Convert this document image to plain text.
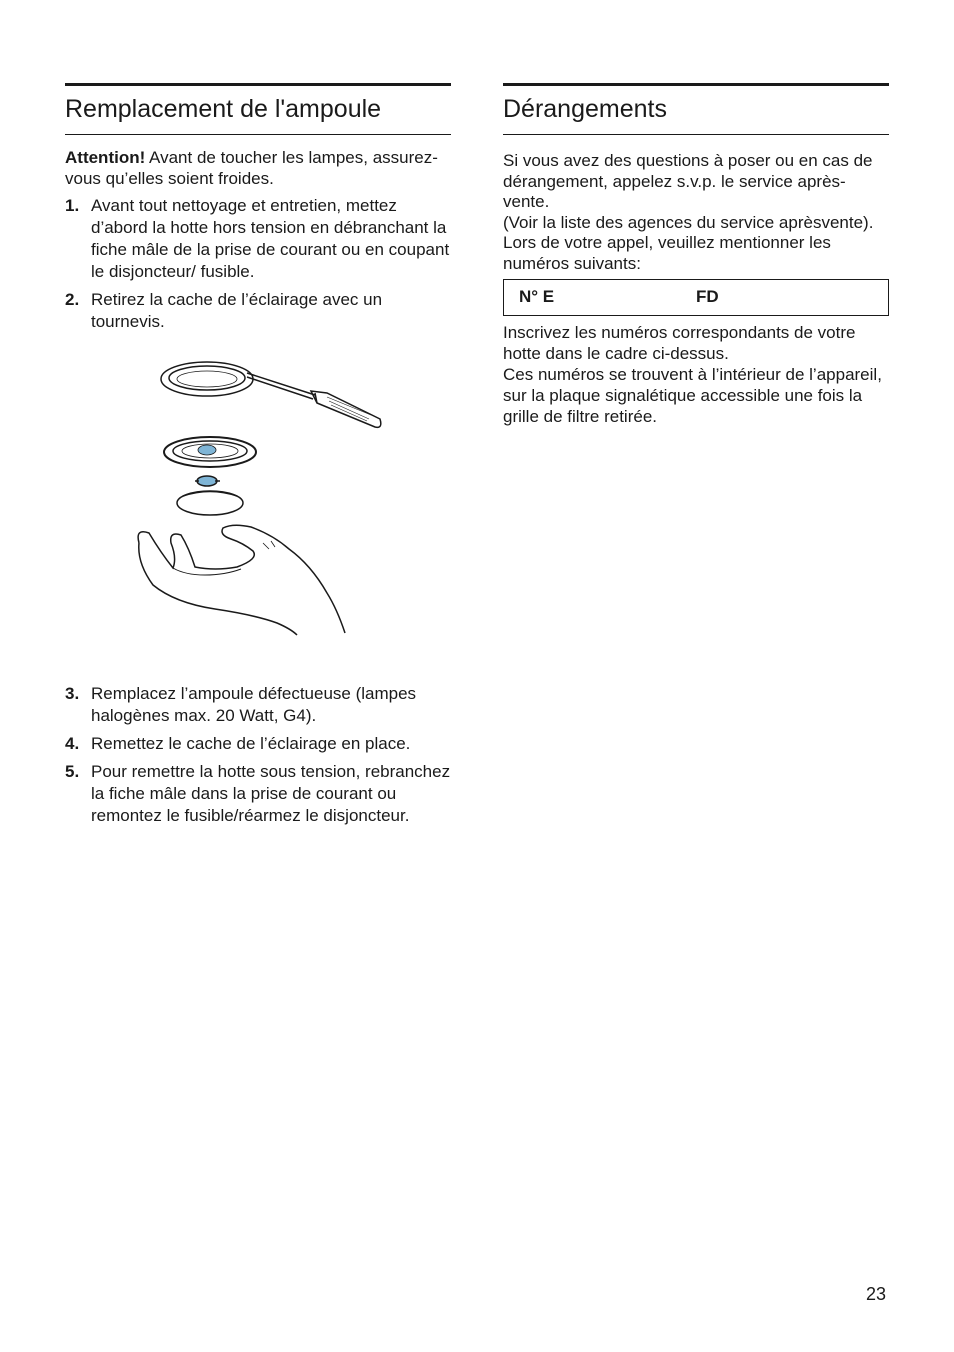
Remplacement de l'ampoule

Attention! Avant de toucher les lampes, assurez-vous qu’elles soient froides.

1. Avant tout nettoyage et entretien, mettez d’abord la hotte hors tension en débranchant la fiche mâle de la prise de courant ou en coupant le disjoncteur/ fusible.
2. Retirez la cache de l’éclairage avec un tournevis.
3. Remplacez l’ampoule défectueuse (lampes halogènes max. 20 Watt, G4).
4. Remettez le cache de l’éclairage en place.
5. Pour remettre la hotte sous tension, rebranchez la fiche mâle dans la prise de courant ou remontez le fusible/réarmez le disjoncteur.
Dérangements

Si vous avez des questions à poser ou en cas de dérangement, appelez s.v.p. le service après-vente.

(Voir la liste des agences du service aprèsvente).

Lors de votre appel, veuillez mentionner les numéros suivants:

N° E	FD

Inscrivez les numéros correspondants de votre hotte dans le cadre ci-dessus.

Ces numéros se trouvent à l’intérieur de l’appareil, sur la plaque signalétique accessible une fois la grille de filtre retirée.

23
